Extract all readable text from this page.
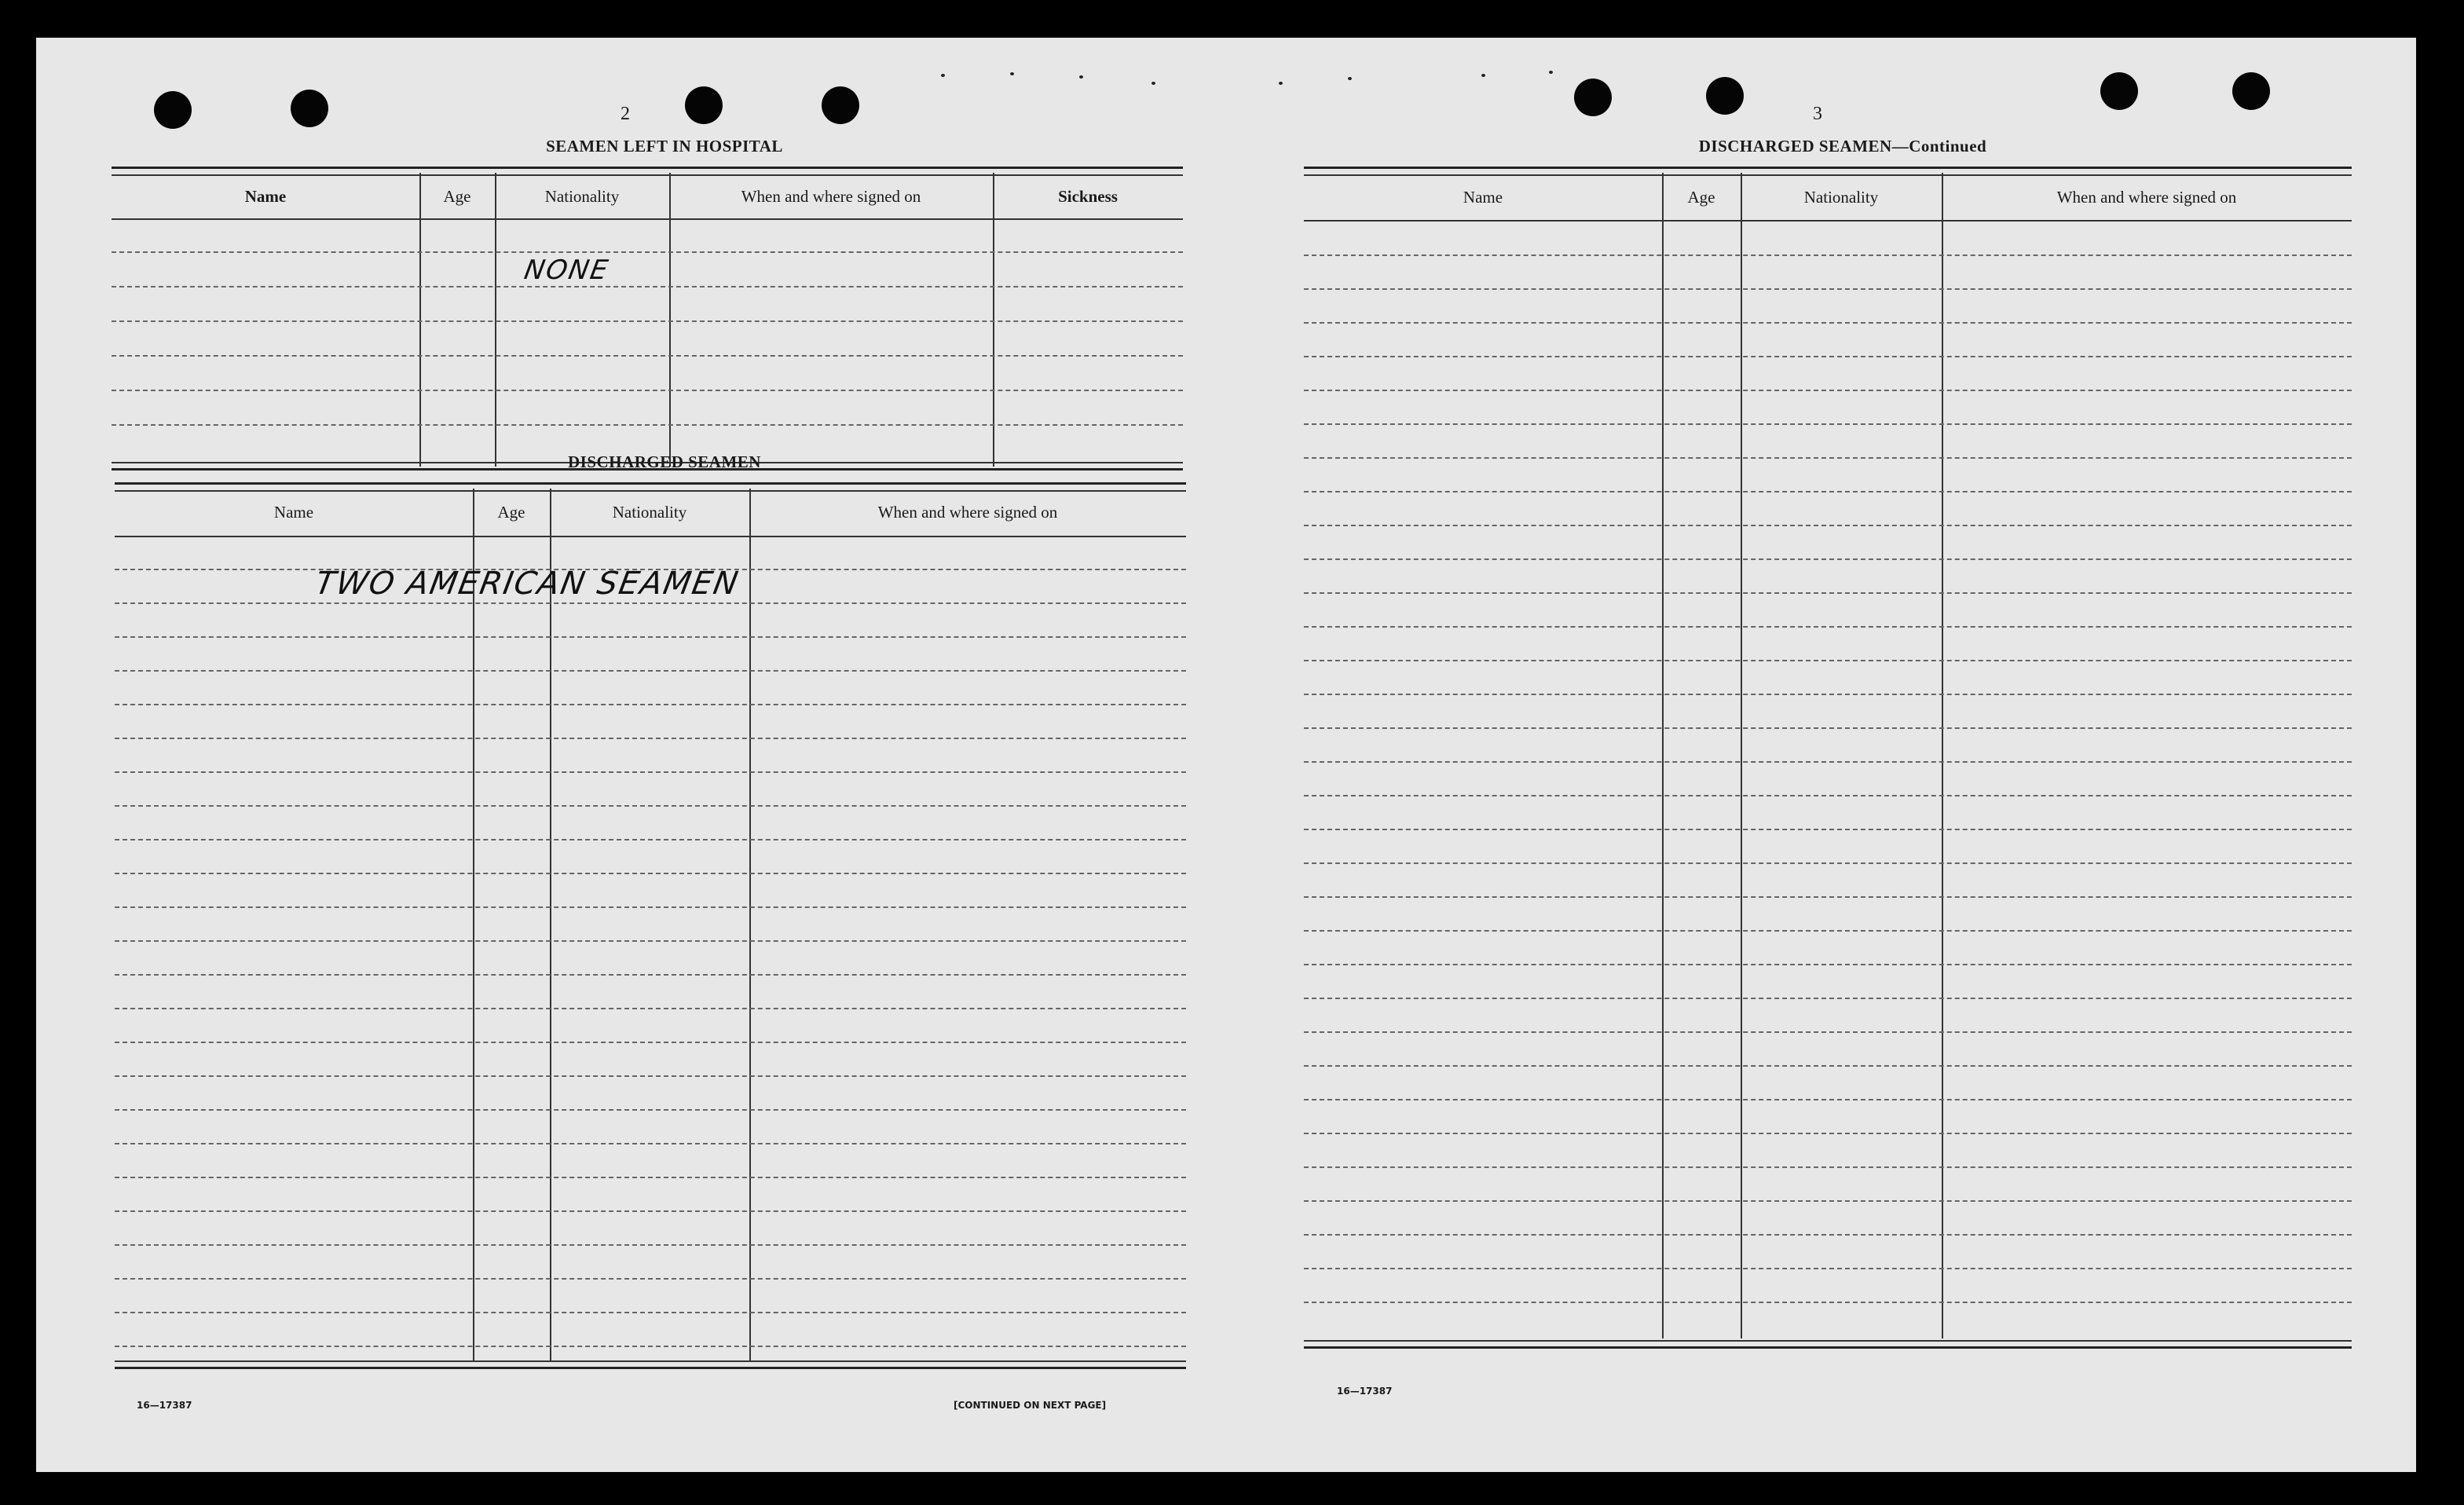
2
SEAMEN LEFT IN HOSPITAL
Name	Age	Nationality	When and where signed on	Sickness
NONE
DISCHARGED SEAMEN
Name	Age	Nationality	When and where signed on
TWO AMERICAN SEAMEN
16—17387	[CONTINUED ON NEXT PAGE]
3
DISCHARGED SEAMEN—Continued
Name	Age	Nationality	When and where signed on
16—17387
